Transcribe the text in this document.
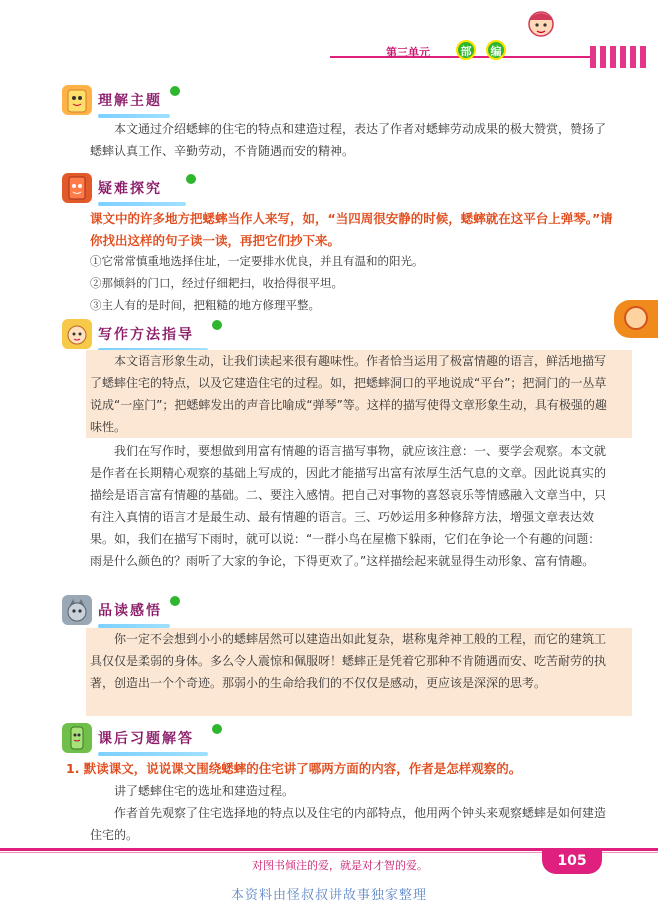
第三单元	部	编
理解主题
本文通过介绍蟋蟀的住宅的特点和建造过程，表达了作者对蟋蟀劳动成果的极大赞赏，赞扬了蟋蟀认真工作、辛勤劳动，不肯随遇而安的精神。
疑难探究
课文中的许多地方把蟋蟀当作人来写，如，“当四周很安静的时候，蟋蟀就在这平台上弹琴。”请你找出这样的句子读一读，再把它们抄下来。
①它常常慎重地选择住址，一定要排水优良，并且有温和的阳光。
②那倾斜的门口，经过仔细耙扫，收拾得很平坦。
③主人有的是时间，把粗糙的地方修理平整。
写作方法指导
本文语言形象生动，让我们读起来很有趣味性。作者恰当运用了极富情趣的语言，鲜活地描写了蟋蟀住宅的特点，以及它建造住宅的过程。如，把蟋蟀洞口的平地说成“平台”；把洞门的一丛草说成“一座门”；把蟋蟀发出的声音比喻成“弹琴”等。这样的描写使得文章形象生动，具有极强的趣味性。
我们在写作时，要想做到用富有情趣的语言描写事物，就应该注意：一、要学会观察。本文就是作者在长期精心观察的基础上写成的，因此才能描写出富有浓厚生活气息的文章。因此说真实的描绘是语言富有情趣的基础。二、要注入感情。把自己对事物的喜怒哀乐等情感融入文章当中，只有注入真情的语言才是最生动、最有情趣的语言。三、巧妙运用多种修辞方法，增强文章表达效果。如，我们在描写下雨时，就可以说：“一群小鸟在屋檐下躲雨，它们在争论一个有趣的问题：雨是什么颜色的？雨听了大家的争论，下得更欢了。”这样描绘起来就显得生动形象、富有情趣。
品读感悟
你一定不会想到小小的蟋蟀居然可以建造出如此复杂，堪称鬼斧神工般的工程，而它的建筑工具仅仅是柔弱的身体。多么令人震惊和佩服呀！蟋蟀正是凭着它那种不肯随遇而安、吃苦耐劳的执著，创造出一个个奇迹。那弱小的生命给我们的不仅仅是感动，更应该是深深的思考。
课后习题解答
1. 默读课文，说说课文围绕蟋蟀的住宅讲了哪两方面的内容，作者是怎样观察的。
讲了蟋蟀住宅的选址和建造过程。
作者首先观察了住宅选择地的特点以及住宅的内部特点，他用两个钟头来观察蟋蟀是如何建造住宅的。
对图书倾注的爱，就是对才智的爱。	105
本资料由怪叔叔讲故事独家整理
